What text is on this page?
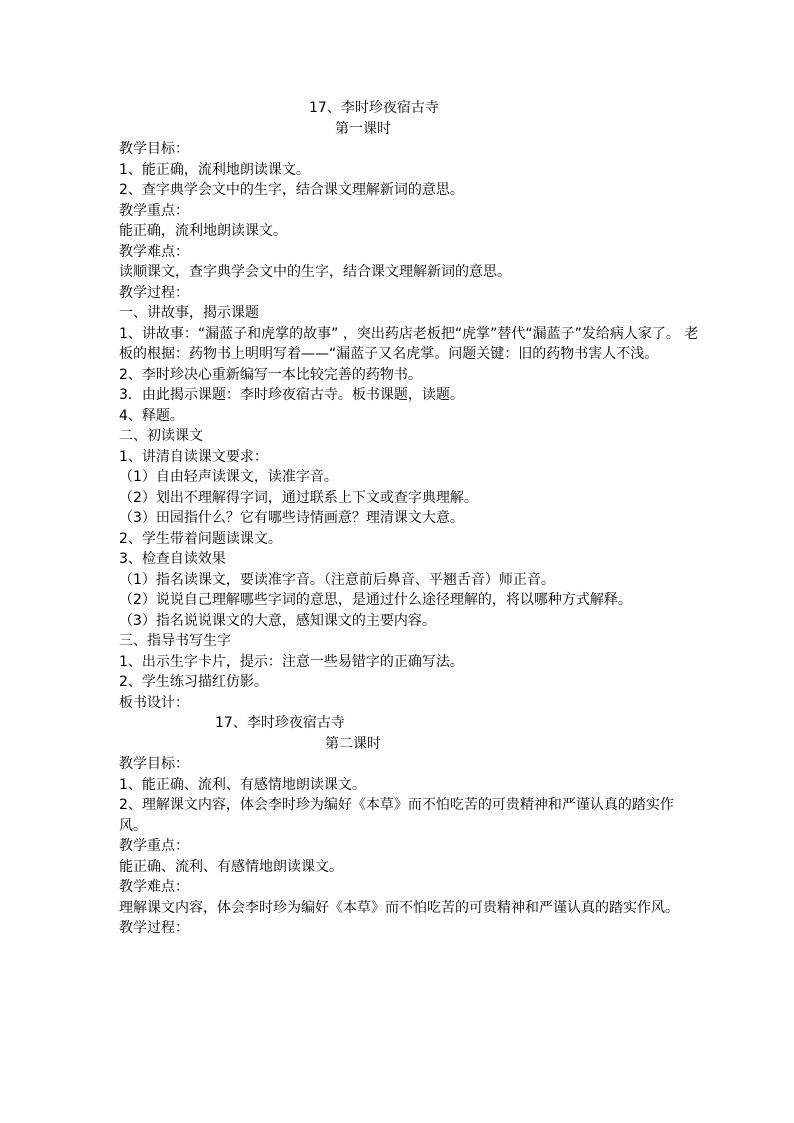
17、李时珍夜宿古寺
第一课时
教学目标：
1、能正确，流利地朗读课文。
2、查字典学会文中的生字，结合课文理解新词的意思。
教学重点：
能正确，流利地朗读课文。
教学难点：
读顺课文，查字典学会文中的生字，结合课文理解新词的意思。
教学过程：
一、讲故事，揭示课题
1、讲故事：“漏蓝子和虎掌的故事” ，突出药店老板把“虎掌”替代“漏蓝子”发给病人家了。 老板的根据：药物书上明明写着——“漏蓝子又名虎掌。问题关键：旧的药物书害人不浅。
2、李时珍决心重新编写一本比较完善的药物书。
3．由此揭示课题：李时珍夜宿古寺。板书课题，读题。
4、释题。
二、初读课文
1、讲清自读课文要求：
（1）自由轻声读课文，读准字音。
（2）划出不理解得字词，通过联系上下文或查字典理解。
（3）田园指什么？它有哪些诗情画意？理清课文大意。
2、学生带着问题读课文。
3、检查自读效果
（1）指名读课文，要读准字音。（注意前后鼻音、平翘舌音）师正音。
（2）说说自己理解哪些字词的意思，是通过什么途径理解的，将以哪种方式解释。
（3）指名说说课文的大意，感知课文的主要内容。
三、指导书写生字
1、出示生字卡片，提示：注意一些易错字的正确写法。
2、学生练习描红仿影。
板书设计：
17、李时珍夜宿古寺
第二课时
教学目标：
1、能正确、流利、有感情地朗读课文。
2、理解课文内容，体会李时珍为编好《本草》而不怕吃苦的可贵精神和严谨认真的踏实作风。
教学重点：
能正确、流利、有感情地朗读课文。
教学难点：
理解课文内容，体会李时珍为编好《本草》而不怕吃苦的可贵精神和严谨认真的踏实作风。
教学过程：
